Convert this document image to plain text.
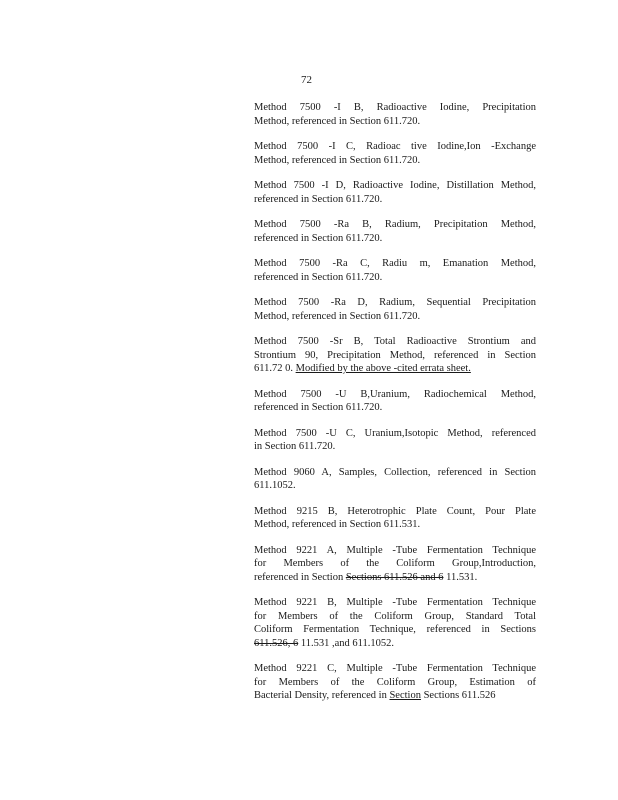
72
Method 7500 -I B, Radioactive Iodine, Precipitation
Method, referenced in Section 611.720.
Method 7500 -I C, Radioac tive Iodine,Ion -Exchange
Method, referenced in Section 611.720.
Method 7500 -I D, Radioactive Iodine, Distillation Method,
referenced in Section 611.720.
Method 7500 -Ra B, Radium, Precipitation Method,
referenced in Section 611.720.
Method 7500 -Ra C, Radiu m, Emanation Method,
referenced in Section 611.720.
Method 7500 -Ra D, Radium, Sequential Precipitation
Method, referenced in Section 611.720.
Method 7500 -Sr B, Total Radioactive Strontium and
Strontium 90, Precipitation Method, referenced in Section
611.72 0. Modified by the above -cited errata sheet.
Method 7500 -U B,Uranium, Radiochemical Method,
referenced in Section 611.720.
Method 7500 -U C, Uranium,Isotopic Method, referenced
in Section 611.720.
Method 9060 A, Samples, Collection, referenced in Section
611.1052.
Method 9215 B, Heterotrophic Plate Count, Pour Plate
Method, referenced in Section 611.531.
Method 9221 A, Multiple -Tube Fermentation Technique
for Members of the Coliform Group,Introduction,
referenced in Section Sections 611.526 and 6 11.531.
Method 9221 B, Multiple -Tube Fermentation Technique
for Members of the Coliform Group, Standard Total
Coliform Fermentation Technique, referenced in Sections
611.526, 6 11.531 ,and 611.1052.
Method 9221 C, Multiple -Tube Fermentation Technique
for Members of the Coliform Group, Estimation of
Bacterial Density, referenced in Section Sections 611.526
